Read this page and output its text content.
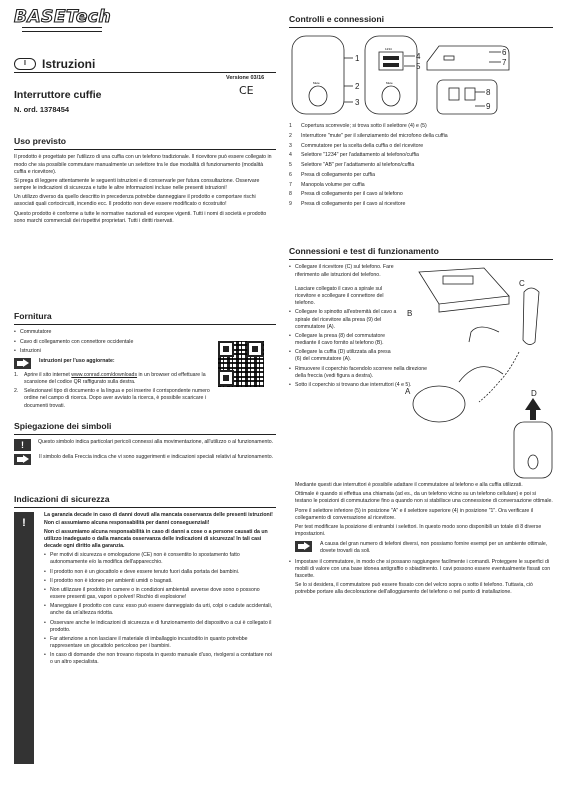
BASETech
I	Istruzioni
Versione 03/16
CE
Interruttore cuffie
N. ord. 1378454
Uso previsto

Il prodotto è progettato per l'utilizzo di una cuffia con un telefono tradizionale. Il ricevitore può essere collegato in modo che sia possibile commutare manualmente un selettore tra le due modalità di funzionamento (modalità cuffia e ricevitore).

Si prega di leggere attentamente le seguenti istruzioni e di conservarle per futura consultazione. Osservare sempre le indicazioni di sicurezza e tutte le altre informazioni incluse nelle presenti istruzioni!

Un utilizzo diverso da quello descritto in precedenza potrebbe danneggiare il prodotto e comportare rischi associati quali cortocircuiti, incendio ecc. Il prodotto non deve essere modificato o ricostruito!

Questo prodotto è conforme a tutte le normative nazionali ed europee vigenti. Tutti i nomi di società e prodotto sono marchi commerciali dei rispettivi proprietari. Tutti i diritti riservati.

Fornitura
• Commutatore
• Cavo di collegamento con connettore occidentale
• Istruzioni
Istruzioni per l'uso aggiornate:
1. Aprire il sito internet www.conrad.com/downloads in un browser od effettuare la scansione del codice QR raffigurato sulla destra.
2. Selezionarel tipo di documento e la lingua e poi inserire il corrispondente numero ordine nel campo di ricerca. Dopo aver avviato la ricerca, è possibile scaricare i documenti trovati.
Spiegazione dei simboli
!	Questo simbolo indica particolari pericoli connessi alla movimentazione, all'utilizzo o al funzionamento.
Il simbolo della Freccia indica che vi sono suggerimenti e indicazioni speciali relativi al funzionamento.
Indicazioni di sicurezza
!

La garanzia decade in caso di danni dovuti alla mancata osservanza delle presenti istruzioni! Non ci assumiamo alcuna responsabilità per danni conseguenziali!

Non ci assumiamo alcuna responsabilità in caso di danni a cose o a persone causati da un utilizzo inadeguato o dalla mancata osservanza delle indicazioni di sicurezza! In tali casi decade ogni diritto alla garanzia.

• Per motivi di sicurezza e omologazione (CE) non è consentito lo spostamento fatto autonomamente e/o la modifica dell'apparecchio.
• Il prodotto non è un giocattolo e deve essere tenuto fuori dalla portata dei bambini.
• Il prodotto non è idoneo per ambienti umidi o bagnati.
• Non utilizzare il prodotto in camere o in condizioni ambientali avverse dove sono o possono essere presenti gas, vapori o polveri! Rischio di esplosione!
• Maneggiare il prodotto con cura: esso può essere danneggiato da urti, colpi o cadute accidentali, anche da un'altezza ridotta.
• Osservare anche le indicazioni di sicurezza e di funzionamento del dispositivo a cui è collegato il prodotto.
• Far attenzione a non lasciare il materiale di imballaggio incustodito in quanto potrebbe rappresentare un giocattolo pericoloso per i bambini.
• In caso di domande che non trovano risposta in questo manuale d'uso, rivolgersi a contattare noi o un altro specialista.
Controlli e connessioni
Mute	Mute
1234
1
2
3
4
5
6
7
8
9
1 Copertura scorrevole; si trova sotto il selettore (4) e (5)
2 Interruttore "mute" per il silenziamento del microfono della cuffia
3 Commutatore per la scelta della cuffia o del ricevitore
4 Selettore "1234" per l'adattamento al telefono/cuffia
5 Selettore "AB" per l'adattamento al telefono/cuffia
6 Presa di collegamento per cuffia
7 Manopola volume per cuffia
8 Presa di collegamento per il cavo al telefono
9 Presa di collegamento per il cavo al ricevitore
Connessioni e test di funzionamento
• Collegare il ricevitore (C) sul telefono. Fare riferimento alle istruzioni del telefono.

Lasciare collegato il cavo a spirale sul ricevitore e scollegare il connettore del telefono.
• Collegare lo spinotto all'estremità del cavo a spirale del ricevitore alla presa (9) del commutatore (A).
• Collegare la presa (8) del commutatore mediante il cavo fornito al telefono (B).
• Collegare la cuffia (D) utilizzata alla presa (6) del commutatore (A).
• Rimuovere il coperchio facendolo scorrere nella direzione della freccia (vedi figura a destra).
• Sotto il coperchio si trovano due interruttori (4 e 5).
A
B
C
D

Mediante questi due interruttori è possibile adattare il commutatore al telefono e alla cuffia utilizzati.

Ottimale è quando si effettua una chiamata (ad es., da un telefono vicino su un telefono cellulare) e poi si testano le posizioni di commutazione fino a quando non si stabilisce una connessione di conversazione ottimale.

Porre il selettore inferiore (5) in posizione "A" e il selettore superiore (4) in posizione "1". Ora verificare il collegamento di conversazione al ricevitore.

Per test modificare la posizione di entrambi i selettori. In questo modo sono disponibili un totale di 8 diverse impostazioni.

A causa del gran numero di telefoni diversi, non possiamo fornire esempi per un ambiente ottimale, dovete trovarli da soli.
• Impostare il commutatore, in modo che si possano raggiungere facilmente i comandi. Proteggere le superfici di mobili di valore con una base idonea antigraffio o sbiadimento. I cavi possono essere eventualmente fissati con fascette.

Se lo si desidera, il commutatore può essere fissato con del velcro sopra o sotto il telefono. Tuttavia, ciò potrebbe portare alla decolorazione dell'alloggiamento del telefono o nel punto di installazione.
